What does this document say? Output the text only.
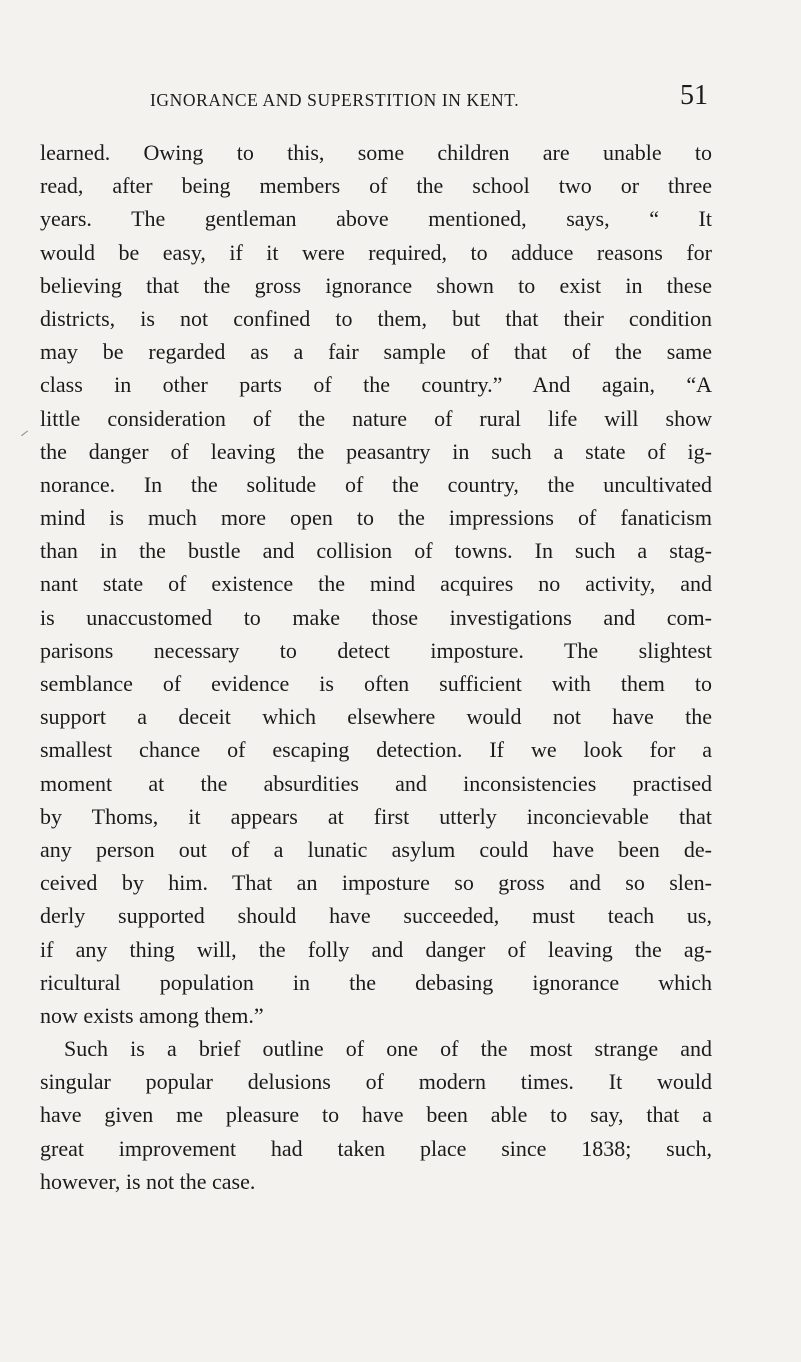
IGNORANCE AND SUPERSTITION IN KENT.	51
learned. Owing to this, some children are unable to
read, after being members of the school two or three
years. The gentleman above mentioned, says, “ It
would be easy, if it were required, to adduce reasons for
believing that the gross ignorance shown to exist in these
districts, is not confined to them, but that their condition
may be regarded as a fair sample of that of the same
class in other parts of the country.” And again, “A
little consideration of the nature of rural life will show
the danger of leaving the peasantry in such a state of ig-
norance. In the solitude of the country, the uncultivated
mind is much more open to the impressions of fanaticism
than in the bustle and collision of towns. In such a stag-
nant state of existence the mind acquires no activity, and
is unaccustomed to make those investigations and com-
parisons necessary to detect imposture. The slightest
semblance of evidence is often sufficient with them to
support a deceit which elsewhere would not have the
smallest chance of escaping detection. If we look for a
moment at the absurdities and inconsistencies practised
by Thoms, it appears at first utterly inconcievable that
any person out of a lunatic asylum could have been de-
ceived by him. That an imposture so gross and so slen-
derly supported should have succeeded, must teach us,
if any thing will, the folly and danger of leaving the ag-
ricultural population in the debasing ignorance which
now exists among them.”
Such is a brief outline of one of the most strange and
singular popular delusions of modern times. It would
have given me pleasure to have been able to say, that a
great improvement had taken place since 1838; such,
however, is not the case.
